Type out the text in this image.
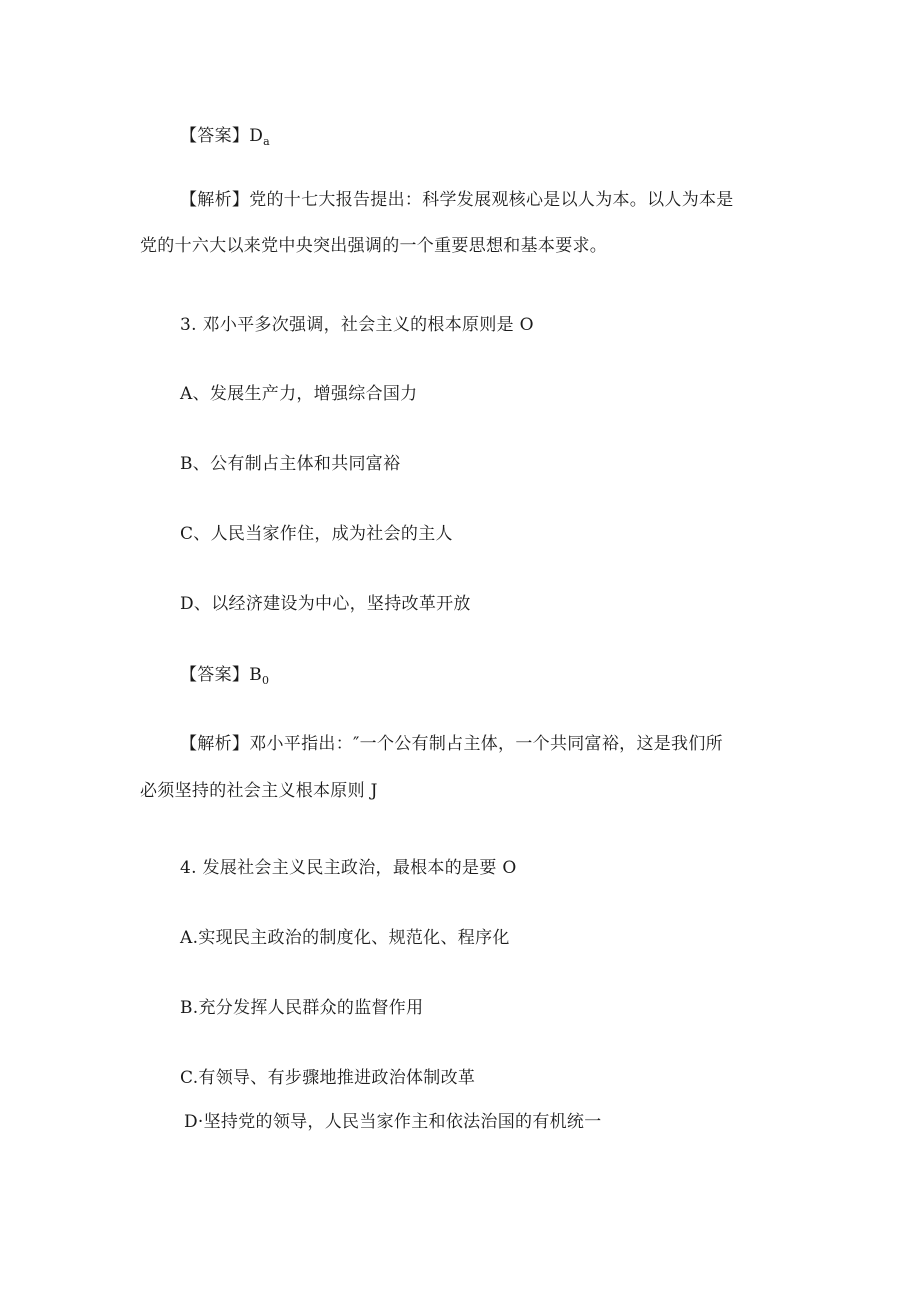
【答案】$D_a$
【解析】党的十七大报告提出：科学发展观核心是以人为本。以人为本是
党的十六大以来党中央突出强调的一个重要思想和基本要求。
3. 邓小平多次强调，社会主义的根本原则是 O
A、发展生产力，增强综合国力
B、公有制占主体和共同富裕
C、人民当家作住，成为社会的主人
D、以经济建设为中心，坚持改革开放
【答案】$B_0$
【解析】邓小平指出：″一个公有制占主体，一个共同富裕，这是我们所
必须坚持的社会主义根本原则 J
4. 发展社会主义民主政治，最根本的是要 O
A.实现民主政治的制度化、规范化、程序化
B.充分发挥人民群众的监督作用
C.有领导、有步骤地推进政治体制改革
D·坚持党的领导，人民当家作主和依法治国的有机统一
